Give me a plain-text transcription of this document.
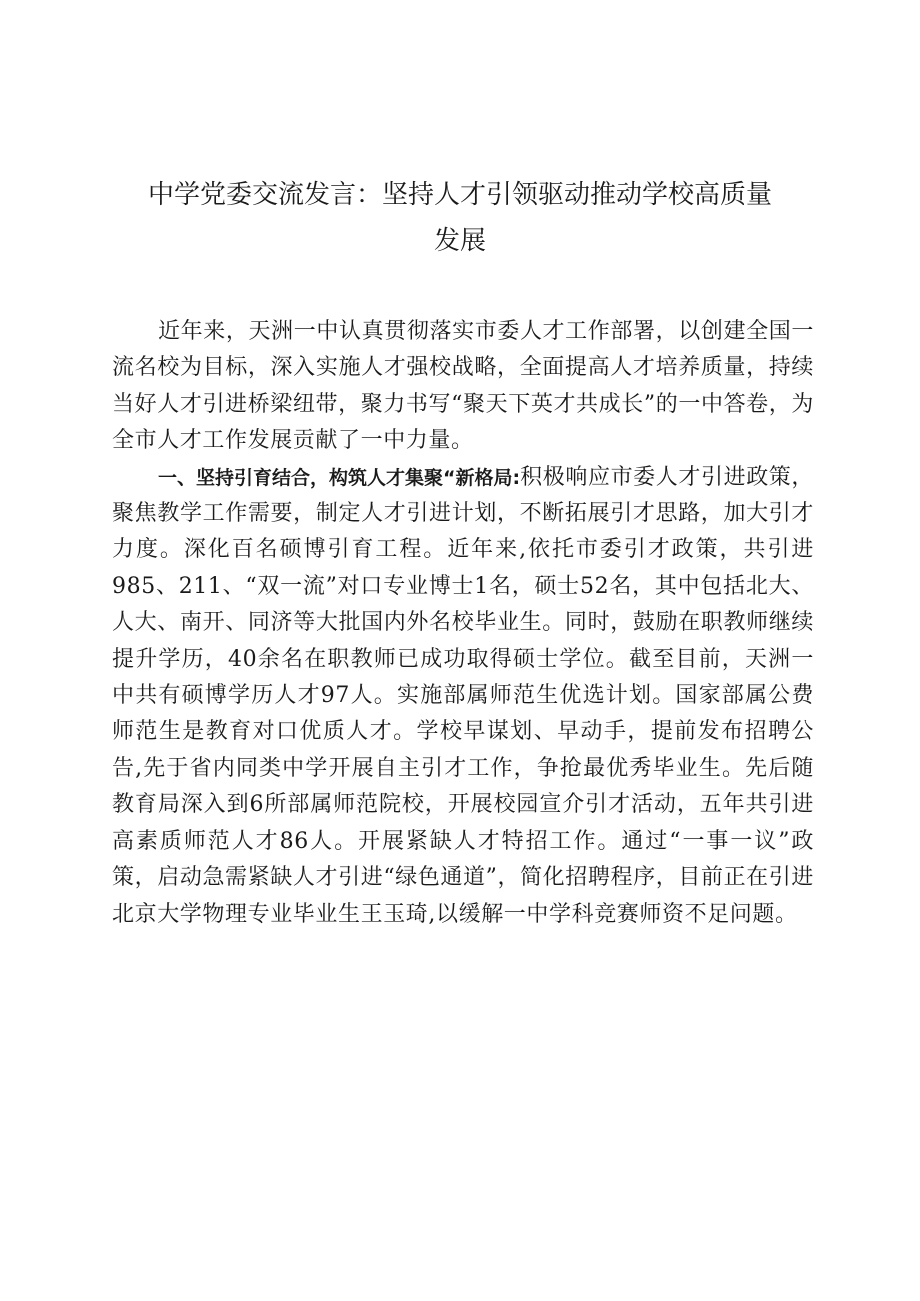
中学党委交流发言：坚持人才引领驱动推动学校高质量
发展

近年来，天洲一中认真贯彻落实市委人才工作部署，以创建全国一流名校为目标，深入实施人才强校战略，全面提高人才培养质量，持续当好人才引进桥梁纽带，聚力书写“聚天下英才共成长”的一中答卷，为全市人才工作发展贡献了一中力量。

一、坚持引育结合，构筑人才集聚“新格局:积极响应市委人才引进政策，聚焦教学工作需要，制定人才引进计划，不断拓展引才思路，加大引才力度。深化百名硕博引育工程。近年来,依托市委引才政策，共引进985、211、“双一流”对口专业博士1名，硕士52名，其中包括北大、人大、南开、同济等大批国内外名校毕业生。同时，鼓励在职教师继续提升学历，40余名在职教师已成功取得硕士学位。截至目前，天洲一中共有硕博学历人才97人。实施部属师范生优选计划。国家部属公费师范生是教育对口优质人才。学校早谋划、早动手，提前发布招聘公告,先于省内同类中学开展自主引才工作，争抢最优秀毕业生。先后随教育局深入到6所部属师范院校，开展校园宣介引才活动，五年共引进高素质师范人才86人。开展紧缺人才特招工作。通过“一事一议”政策，启动急需紧缺人才引进“绿色通道”，简化招聘程序，目前正在引进北京大学物理专业毕业生王玉琦,以缓解一中学科竞赛师资不足问题。
